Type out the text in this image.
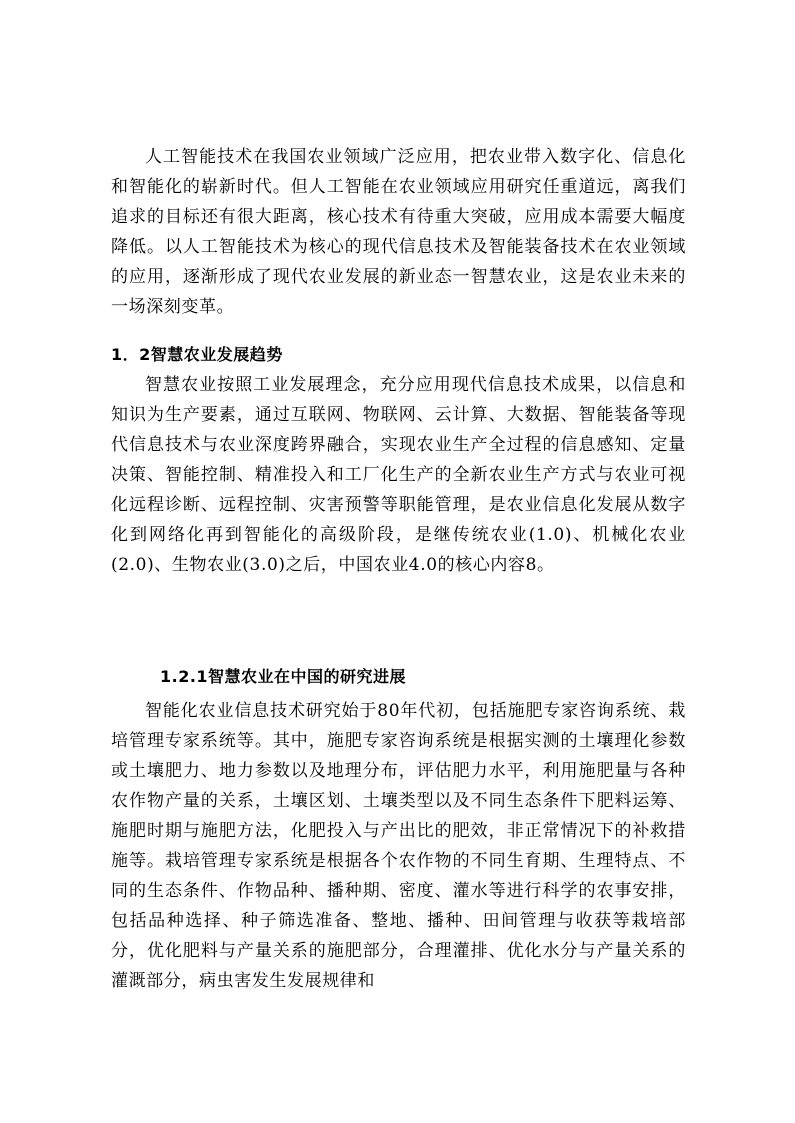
人工智能技术在我国农业领域广泛应用，把农业带入数字化、信息化和智能化的崭新时代。但人工智能在农业领域应用研究任重道远，离我们追求的目标还有很大距离，核心技术有待重大突破，应用成本需要大幅度降低。以人工智能技术为核心的现代信息技术及智能装备技术在农业领域的应用，逐渐形成了现代农业发展的新业态一智慧农业，这是农业未来的一场深刻变革。

1．2智慧农业发展趋势

智慧农业按照工业发展理念，充分应用现代信息技术成果，以信息和知识为生产要素，通过互联网、物联网、云计算、大数据、智能装备等现代信息技术与农业深度跨界融合，实现农业生产全过程的信息感知、定量决策、智能控制、精准投入和工厂化生产的全新农业生产方式与农业可视化远程诊断、远程控制、灾害预警等职能管理，是农业信息化发展从数字化到网络化再到智能化的高级阶段，是继传统农业(1.0)、机械化农业(2.0)、生物农业(3.0)之后，中国农业4.0的核心内容8。

1.2.1智慧农业在中国的研究进展

智能化农业信息技术研究始于80年代初，包括施肥专家咨询系统、栽培管理专家系统等。其中，施肥专家咨询系统是根据实测的土壤理化参数或土壤肥力、地力参数以及地理分布，评估肥力水平，利用施肥量与各种农作物产量的关系，土壤区划、土壤类型以及不同生态条件下肥料运筹、施肥时期与施肥方法，化肥投入与产出比的肥效，非正常情况下的补救措施等。栽培管理专家系统是根据各个农作物的不同生育期、生理特点、不同的生态条件、作物品种、播种期、密度、灌水等进行科学的农事安排，包括品种选择、种子筛选准备、整地、播种、田间管理与收获等栽培部分，优化肥料与产量关系的施肥部分，合理灌排、优化水分与产量关系的灌溉部分，病虫害发生发展规律和
